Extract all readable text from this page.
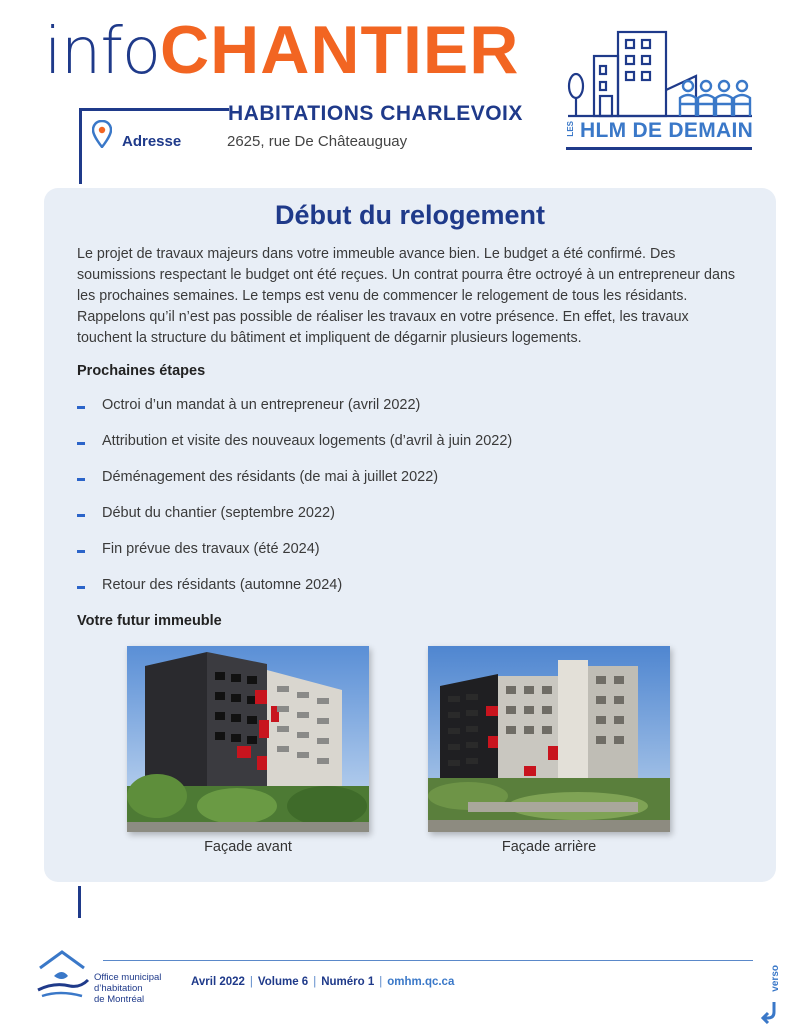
infoCHANTIER
HABITATIONS CHARLEVOIX
Adresse	2625, rue De Châteauguay
LES HLM DE DEMAIN
Début du relogement

Le projet de travaux majeurs dans votre immeuble avance bien. Le budget a été confirmé. Des soumissions respectant le budget ont été reçues. Un contrat pourra être octroyé à un entrepreneur dans les prochaines semaines. Le temps est venu de commencer le relogement de tous les résidants. Rappelons qu’il n’est pas possible de réaliser les travaux en votre présence. En effet, les travaux touchent la structure du bâtiment et impliquent de dégarnir plusieurs logements.

Prochaines étapes
Octroi d’un mandat à un entrepreneur (avril 2022)
Attribution et visite des nouveaux logements (d’avril à juin 2022)
Déménagement des résidants (de mai à juillet 2022)
Début du chantier (septembre 2022)
Fin prévue des travaux (été 2024)
Retour des résidants (automne 2024)
Votre futur immeuble
Façade avant	Façade arrière
Office municipal
d’habitation
de Montréal
Avril 2022 | Volume 6 | Numéro 1 | omhm.qc.ca	verso
